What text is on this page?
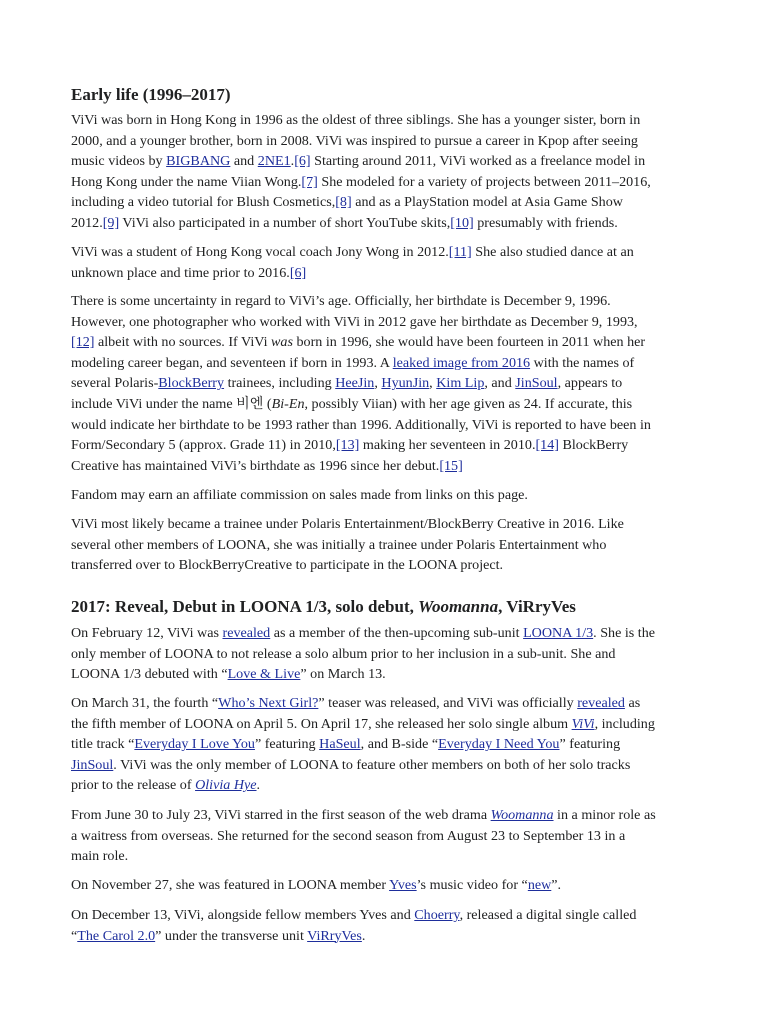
Early life (1996–2017)

ViVi was born in Hong Kong in 1996 as the oldest of three siblings. She has a younger sister, born in
2000, and a younger brother, born in 2008. ViVi was inspired to pursue a career in Kpop after seeing
music videos by BIGBANG and 2NE1.[6] Starting around 2011, ViVi worked as a freelance model in
Hong Kong under the name Viian Wong.[7] She modeled for a variety of projects between 2011–2016,
including a video tutorial for Blush Cosmetics,[8] and as a PlayStation model at Asia Game Show
2012.[9] ViVi also participated in a number of short YouTube skits,[10] presumably with friends.

ViVi was a student of Hong Kong vocal coach Jony Wong in 2012.[11] She also studied dance at an
unknown place and time prior to 2016.[6]

There is some uncertainty in regard to ViVi’s age. Officially, her birthdate is December 9, 1996.
However, one photographer who worked with ViVi in 2012 gave her birthdate as December 9, 1993,
[12] albeit with no sources. If ViVi was born in 1996, she would have been fourteen in 2011 when her
modeling career began, and seventeen if born in 1993. A leaked image from 2016 with the names of
several Polaris-BlockBerry trainees, including HeeJin, HyunJin, Kim Lip, and JinSoul, appears to
include ViVi under the name 비엔 (Bi-En, possibly Viian) with her age given as 24. If accurate, this
would indicate her birthdate to be 1993 rather than 1996. Additionally, ViVi is reported to have been in
Form/Secondary 5 (approx. Grade 11) in 2010,[13] making her seventeen in 2010.[14] BlockBerry
Creative has maintained ViVi’s birthdate as 1996 since her debut.[15]

Fandom may earn an affiliate commission on sales made from links on this page.

ViVi most likely became a trainee under Polaris Entertainment/BlockBerry Creative in 2016. Like
several other members of LOONA, she was initially a trainee under Polaris Entertainment who
transferred over to BlockBerryCreative to participate in the LOONA project.

2017: Reveal, Debut in LOONA 1/3, solo debut, Woomanna, ViRryVes

On February 12, ViVi was revealed as a member of the then-upcoming sub-unit LOONA 1/3. She is the
only member of LOONA to not release a solo album prior to her inclusion in a sub-unit. She and
LOONA 1/3 debuted with “Love & Live” on March 13.

On March 31, the fourth “Who’s Next Girl?” teaser was released, and ViVi was officially revealed as
the fifth member of LOONA on April 5. On April 17, she released her solo single album ViVi, including
title track “Everyday I Love You” featuring HaSeul, and B-side “Everyday I Need You” featuring
JinSoul. ViVi was the only member of LOONA to feature other members on both of her solo tracks
prior to the release of Olivia Hye.

From June 30 to July 23, ViVi starred in the first season of the web drama Woomanna in a minor role as
a waitress from overseas. She returned for the second season from August 23 to September 13 in a
main role.

On November 27, she was featured in LOONA member Yves’s music video for “new”.

On December 13, ViVi, alongside fellow members Yves and Choerry, released a digital single called
“The Carol 2.0” under the transverse unit ViRryVes.
